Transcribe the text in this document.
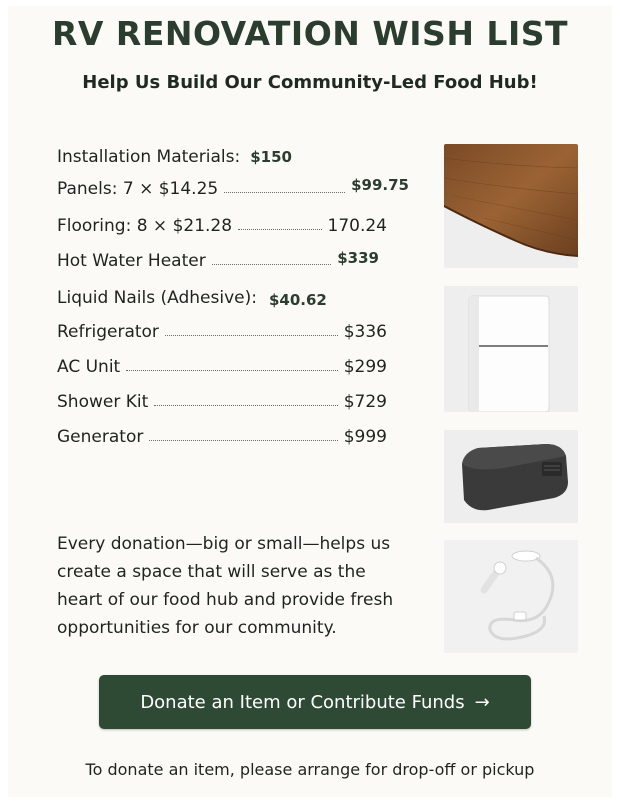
RV RENOVATION WISH LIST
Help Us Build Our Community-Led Food Hub!
Installation Materials: $150
Panels: 7 × $14.25	$99.75
Flooring: 8 × $21.28	170.24
Hot Water Heater	$339
Liquid Nails (Adhesive): $40.62
Refrigerator	$336
AC Unit	$299
Shower Kit	$729
Generator	$999
Every donation—big or small—helps us
create a space that will serve as the
heart of our food hub and provide fresh
opportunities for our community.
Donate an Item or Contribute Funds →
To donate an item, please arrange for drop-off or pickup
